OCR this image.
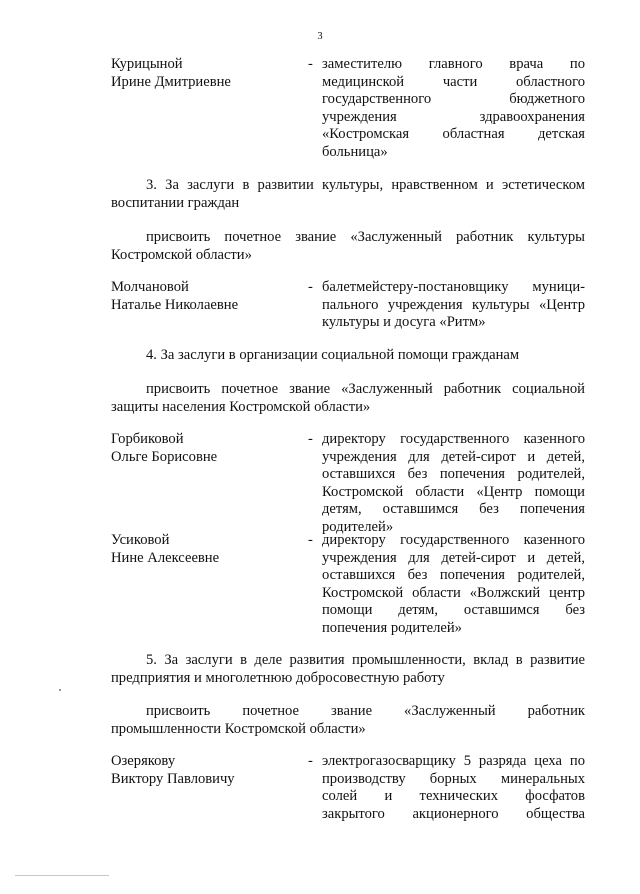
3
Курицыной
Ирине Дмитриевне
- заместителю главного врача по
медицинской части областного
государственного бюджетного
учреждения здравоохранения
«Костромская областная детская
больница»
3. За заслуги в развитии культуры, нравственном и эстетическом
воспитании граждан
присвоить почетное звание «Заслуженный работник культуры
Костромской области»
Молчановой
Наталье Николаевне
- балетмейстеру-постановщику муници-
пального учреждения культуры «Центр
культуры и досуга «Ритм»
4. За заслуги в организации социальной помощи гражданам
присвоить почетное звание «Заслуженный работник социальной
защиты населения Костромской области»
Горбиковой
Ольге Борисовне
- директору государственного казенного
учреждения для детей-сирот и детей,
оставшихся без попечения родителей,
Костромской области «Центр помощи
детям, оставшимся без попечения
родителей»
Усиковой
Нине Алексеевне
- директору государственного казенного
учреждения для детей-сирот и детей,
оставшихся без попечения родителей,
Костромской области «Волжский центр
помощи детям, оставшимся без
попечения родителей»
5. За заслуги в деле развития промышленности, вклад в развитие
предприятия и многолетнюю добросовестную работу
присвоить почетное звание «Заслуженный работник
промышленности Костромской области»
Озерякову
Виктору Павловичу
- электрогазосварщику 5 разряда цеха по
производству борных минеральных
солей и технических фосфатов
закрытого акционерного общества
